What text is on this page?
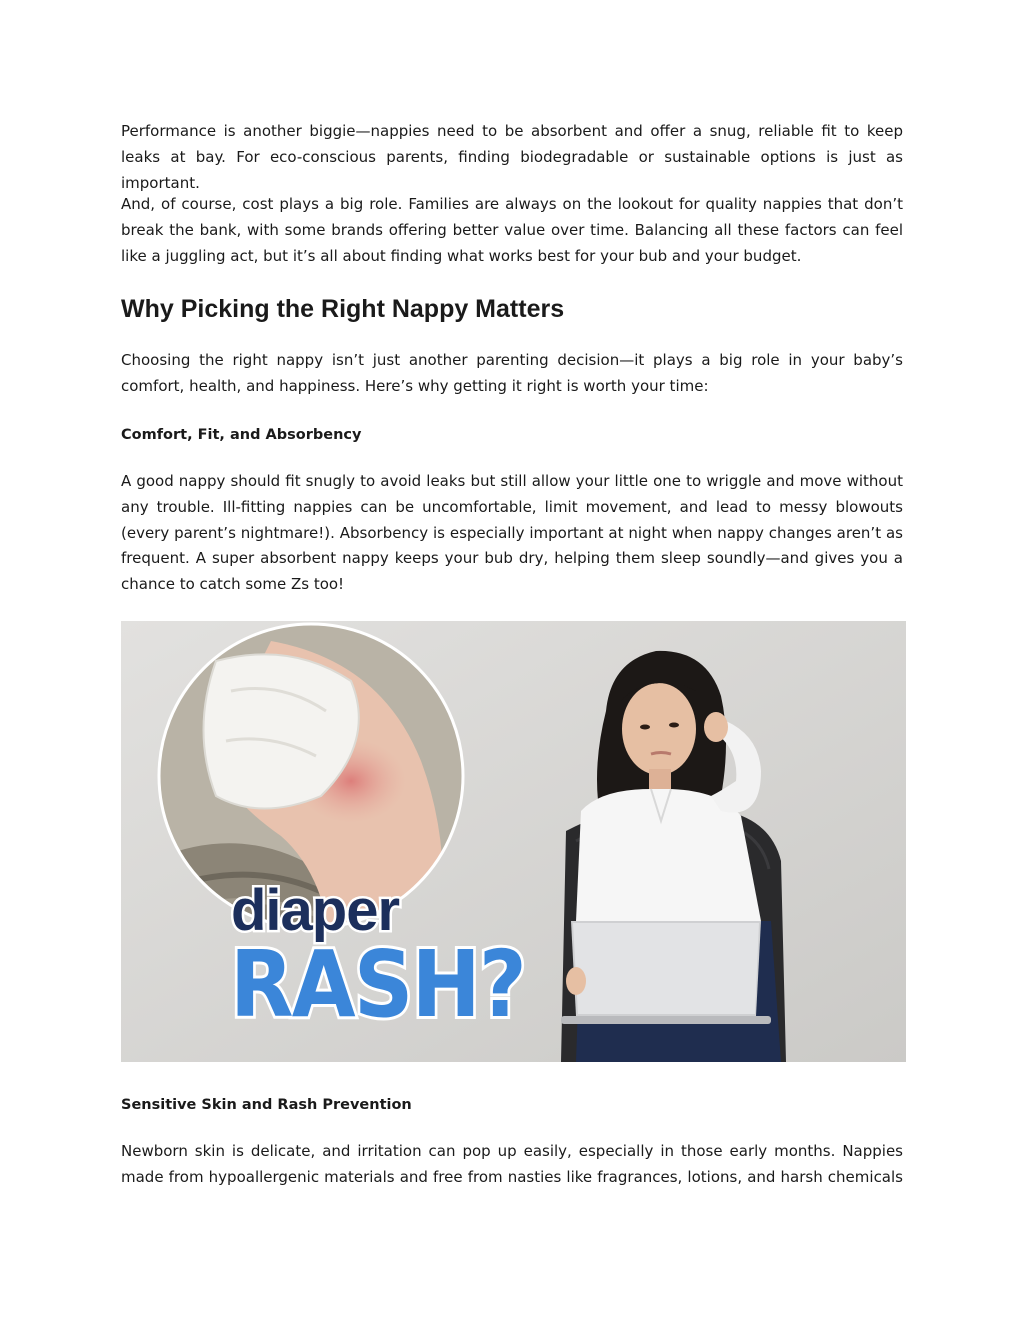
Performance is another biggie—nappies need to be absorbent and offer a snug, reliable fit to keep leaks at bay. For eco-conscious parents, finding biodegradable or sustainable options is just as important.

And, of course, cost plays a big role. Families are always on the lookout for quality nappies that don’t break the bank, with some brands offering better value over time. Balancing all these factors can feel like a juggling act, but it’s all about finding what works best for your bub and your budget.

Why Picking the Right Nappy Matters

Choosing the right nappy isn’t just another parenting decision—it plays a big role in your baby’s comfort, health, and happiness. Here’s why getting it right is worth your time:

Comfort, Fit, and Absorbency

A good nappy should fit snugly to avoid leaks but still allow your little one to wriggle and move without any trouble. Ill-fitting nappies can be uncomfortable, limit movement, and lead to messy blowouts (every parent’s nightmare!). Absorbency is especially important at night when nappy changes aren’t as frequent. A super absorbent nappy keeps your bub dry, helping them sleep soundly—and gives you a chance to catch some Zs too!

diaper
RASH?
Sensitive Skin and Rash Prevention

Newborn skin is delicate, and irritation can pop up easily, especially in those early months. Nappies made from hypoallergenic materials and free from nasties like fragrances, lotions, and harsh chemicals
